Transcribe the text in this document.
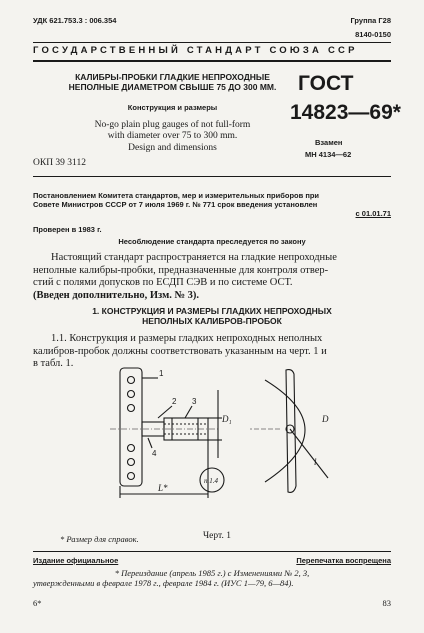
УДК 621.753.3 : 006.354	Группа Г28
8140-0150
ГОСУДАРСТВЕННЫЙ СТАНДАРТ СОЮЗА ССР
КАЛИБРЫ-ПРОБКИ ГЛАДКИЕ НЕПРОХОДНЫЕ
НЕПОЛНЫЕ ДИАМЕТРОМ СВЫШЕ 75 ДО 300 ММ.
Конструкция и размеры
No-go plain plug gauges of not full-form
with diameter over 75 to 300 mm.
Design and dimensions
ГОСТ
14823—69*
Взамен
МН 4134—62
ОКП 39 3112
Постановлением Комитета стандартов, мер и измерительных приборов при
Совете Министров СССР от 7 июля 1969 г. № 771 срок введения установлен
с 01.01.71
Проверен в 1983 г.
Несоблюдение стандарта преследуется по закону
Настоящий стандарт распространяется на гладкие непроходные
неполные калибры-пробки, предназначенные для контроля отвер-
стий с полями допусков по ЕСДП СЭВ и по системе ОСТ.
(Введен дополнительно, Изм. № 3).
1. КОНСТРУКЦИЯ И РАЗМЕРЫ ГЛАДКИХ НЕПРОХОДНЫХ
НЕПОЛНЫХ КАЛИБРОВ-ПРОБОК
1.1. Конструкция и размеры гладких непроходных неполных
калибров-пробок должны соответствовать указанным на черт. 1 и
в табл. 1.
1
2 3
4
D₁
L*
п.1.4
D
l
* Размер для справок.	Черт. 1
Издание официальное	Перепечатка воспрещена
* Переиздание (апрель 1985 г.) с Изменениями № 2, 3,
утвержденными в феврале 1978 г., феврале 1984 г. (ИУС 1—79, 6—84).
6*	83
